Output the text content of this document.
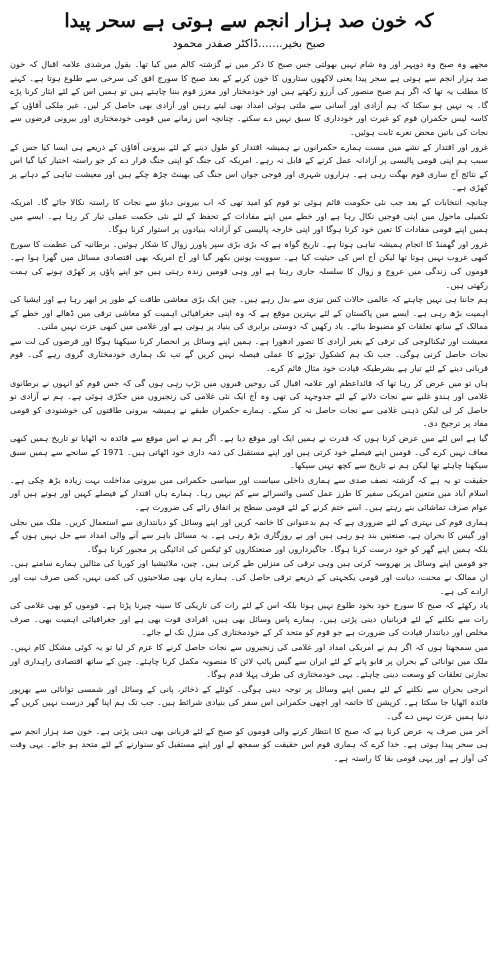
کہ خون صد ہزار انجم سے ہوتی ہے سحر پیدا
صبح بخیر.......ڈاکٹر صفدر محمود

مجھے وہ صبح وہ دوپہر اور وہ شام نہیں بھولتی جس صبح کا ذکر میں نے گزشتہ کالم میں کیا تھا۔ بقول مرشدی علامہ اقبال کہ خون صد ہزار انجم سے ہوتی ہے سحر پیدا یعنی لاکھوں ستاروں کا خون کرنے کے بعد صبح کا سورج افق کی سرخی سے طلوع ہوتا ہے۔ کہنے کا مطلب یہ تھا کہ اگر ہم صبح منصور کی آرزو رکھتے ہیں اور خودمختار اور معزز قوم بننا چاہتے ہیں تو ہمیں اس کے لئے ایثار کرنا پڑے گا۔ یہ نہیں ہو سکتا کہ ہم آزادی اور آسانی سے ملتی ہوئی امداد بھی لیتے رہیں اور آزادی بھی حاصل کر لیں۔ غیر ملکی آقاؤں کے کاسہ لیس حکمران قوم کو غیرت اور خودداری کا سبق نہیں دے سکتے۔ چنانچہ اس زمانے میں قومی خودمختاری اور بیرونی قرضوں سے نجات کی باتیں محض نعرے ثابت ہوئیں۔

غرور اور اقتدار کے نشے میں مست ہمارے حکمرانوں نے ہمیشہ اقتدار کو طول دینے کے لئے بیرونی آقاؤں کے ذریعے ہی ایسا کیا جس کے سبب ہم اپنی قومی پالیسی پر آزادانہ عمل کرنے کے قابل نہ رہے۔ امریکہ کی جنگ کو اپنی جنگ قرار دے کر جو راستہ اختیار کیا گیا اس کے نتائج آج ساری قوم بھگت رہی ہے۔ ہزاروں شہری اور فوجی جوان اس جنگ کی بھینٹ چڑھ چکے ہیں اور معیشت تباہی کے دہانے پر کھڑی ہے۔

چنانچہ انتخابات کے بعد جب نئی حکومت قائم ہوئی تو قوم کو امید تھی کہ اب بیرونی دباؤ سے نجات کا راستہ نکالا جائے گا۔ امریکہ تکمیلی ماحول میں اپنی فوجیں نکال رہا ہے اور خطے میں اپنے مفادات کے تحفظ کے لئے نئی حکمت عملی تیار کر رہا ہے۔ ایسے میں ہمیں اپنے قومی مفادات کا تعین خود کرنا ہوگا اور اپنی خارجہ پالیسی کو آزادانہ بنیادوں پر استوار کرنا ہوگا۔

غرور اور گھمنڈ کا انجام ہمیشہ تباہی ہوتا ہے۔ تاریخ گواہ ہے کہ بڑی بڑی سپر پاورز زوال کا شکار ہوئیں۔ برطانیہ کی عظمت کا سورج کبھی غروب نہیں ہوتا تھا لیکن آج اس کی حیثیت کیا ہے۔ سوویت یونین بکھر گیا اور آج امریکہ بھی اقتصادی مسائل میں گھرا ہوا ہے۔ قوموں کی زندگی میں عروج و زوال کا سلسلہ جاری رہتا ہے اور وہی قومیں زندہ رہتی ہیں جو اپنے پاؤں پر کھڑی ہونے کی ہمت رکھتی ہیں۔

ہم جاننا ہی نہیں چاہتے کہ عالمی حالات کس تیزی سے بدل رہے ہیں۔ چین ایک بڑی معاشی طاقت کے طور پر ابھر رہا ہے اور ایشیا کی اہمیت بڑھ رہی ہے۔ ایسے میں پاکستان کے لئے بہترین موقع ہے کہ وہ اپنی جغرافیائی اہمیت کو معاشی ترقی میں ڈھالے اور خطے کے ممالک کے ساتھ تعلقات کو مضبوط بنائے۔ یاد رکھیں کہ دوستی برابری کی بنیاد پر ہوتی ہے اور غلامی میں کبھی عزت نہیں ملتی۔

معیشت اور ٹیکنالوجی کی ترقی کے بغیر آزادی کا تصور ادھورا ہے۔ ہمیں اپنے وسائل پر انحصار کرنا سیکھنا ہوگا اور قرضوں کی لت سے نجات حاصل کرنی ہوگی۔ جب تک ہم کشکول توڑنے کا عملی فیصلہ نہیں کریں گے تب تک ہماری خودمختاری گروی رہے گی۔ قوم قربانی دینے کے لئے تیار ہے بشرطیکہ قیادت خود مثال قائم کرے۔

ہاں تو میں عرض کر رہا تھا کہ قائداعظم اور علامہ اقبال کی روحیں قبروں میں تڑپ رہی ہوں گی کہ جس قوم کو انہوں نے برطانوی غلامی اور ہندو غلبے سے نجات دلانے کے لئے جدوجہد کی تھی وہ آج ایک نئی غلامی کی زنجیروں میں جکڑی ہوئی ہے۔ ہم نے آزادی تو حاصل کر لی لیکن ذہنی غلامی سے نجات حاصل نہ کر سکے۔ ہمارے حکمران طبقے نے ہمیشہ بیرونی طاقتوں کی خوشنودی کو قومی مفاد پر ترجیح دی۔

گیا ہے اس لئے میں عرض کرتا ہوں کہ قدرت نے ہمیں ایک اور موقع دیا ہے۔ اگر ہم نے اس موقع سے فائدہ نہ اٹھایا تو تاریخ ہمیں کبھی معاف نہیں کرے گی۔ قومیں اپنے فیصلے خود کرتی ہیں اور اپنے مستقبل کی ذمہ داری خود اٹھاتی ہیں۔ 1971 کے سانحے سے ہمیں سبق سیکھنا چاہئے تھا لیکن ہم نے تاریخ سے کچھ نہیں سیکھا۔

حقیقت تو یہ ہے کہ گزشتہ نصف صدی سے ہماری داخلی سیاست اور سیاسی حکمرانی میں بیرونی مداخلت بہت زیادہ بڑھ چکی ہے۔ اسلام آباد میں متعین امریکی سفیر کا طرز عمل کسی وائسرائے سے کم نہیں رہا۔ ہمارے ہاں اقتدار کے فیصلے کہیں اور ہوتے ہیں اور عوام صرف تماشائی بنے رہتے ہیں۔ اسے ختم کرنے کے لئے قومی سطح پر اتفاق رائے کی ضرورت ہے۔

ہماری قوم کی بہتری کے لئے ضروری ہے کہ ہم بدعنوانی کا خاتمہ کریں اور اپنے وسائل کو دیانتداری سے استعمال کریں۔ ملک میں بجلی اور گیس کا بحران ہے، صنعتیں بند ہو رہی ہیں اور بے روزگاری بڑھ رہی ہے۔ یہ مسائل باہر سے آنے والی امداد سے حل نہیں ہوں گے بلکہ ہمیں اپنے گھر کو خود درست کرنا ہوگا۔ جاگیرداروں اور صنعتکاروں کو ٹیکس کی ادائیگی پر مجبور کرنا ہوگا۔

جو قومیں اپنے وسائل پر بھروسہ کرتی ہیں وہی ترقی کی منزلیں طے کرتی ہیں۔ چین، ملائیشیا اور کوریا کی مثالیں ہمارے سامنے ہیں۔ ان ممالک نے محنت، دیانت اور قومی یکجہتی کے ذریعے ترقی حاصل کی۔ ہمارے ہاں بھی صلاحیتوں کی کمی نہیں، کمی صرف نیت اور ارادے کی ہے۔

یاد رکھئے کہ صبح کا سورج خود بخود طلوع نہیں ہوتا بلکہ اس کے لئے رات کی تاریکی کا سینہ چیرنا پڑتا ہے۔ قوموں کو بھی غلامی کی رات سے نکلنے کے لئے قربانیاں دینی پڑتی ہیں۔ ہمارے پاس وسائل بھی ہیں، افرادی قوت بھی ہے اور جغرافیائی اہمیت بھی۔ صرف مخلص اور دیانتدار قیادت کی ضرورت ہے جو قوم کو متحد کر کے خودمختاری کی منزل تک لے جائے۔

میں سمجھتا ہوں کہ اگر ہم نے امریکی امداد اور غلامی کی زنجیروں سے نجات حاصل کرنے کا عزم کر لیا تو یہ کوئی مشکل کام نہیں۔ ملک میں توانائی کے بحران پر قابو پانے کے لئے ایران سے گیس پائپ لائن کا منصوبہ مکمل کرنا چاہئے۔ چین کے ساتھ اقتصادی راہداری اور تجارتی تعلقات کو وسعت دینی چاہئے۔ یہی خودمختاری کی طرف پہلا قدم ہوگا۔

انرجی بحران سے نکلنے کے لئے ہمیں اپنے وسائل پر توجہ دینی ہوگی۔ کوئلے کے ذخائر، پانی کے وسائل اور شمسی توانائی سے بھرپور فائدہ اٹھایا جا سکتا ہے۔ کرپشن کا خاتمہ اور اچھی حکمرانی اس سفر کی بنیادی شرائط ہیں۔ جب تک ہم اپنا گھر درست نہیں کریں گے دنیا ہمیں عزت نہیں دے گی۔

آخر میں صرف یہ عرض کرنا ہے کہ صبح کا انتظار کرنے والی قوموں کو صبح کے لئے قربانی بھی دینی پڑتی ہے۔ خون صد ہزار انجم سے ہی سحر پیدا ہوتی ہے۔ خدا کرے کہ ہماری قوم اس حقیقت کو سمجھ لے اور اپنے مستقبل کو سنوارنے کے لئے متحد ہو جائے۔ یہی وقت کی آواز ہے اور یہی قومی بقا کا راستہ ہے۔
